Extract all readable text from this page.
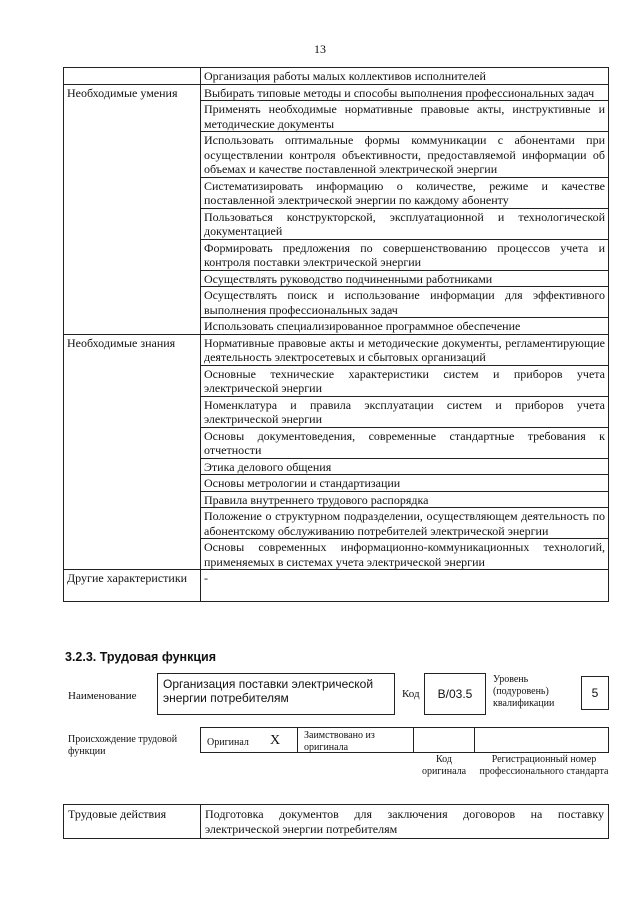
13
	Организация работы малых коллективов исполнителей
Необходимые умения	Выбирать типовые методы и способы выполнения профессиональных задач
	Применять необходимые нормативные правовые акты, инструктивные и методические документы
	Использовать оптимальные формы коммуникации с абонентами при осуществлении контроля объективности, предоставляемой информации об объемах и качестве поставленной электрической энергии
	Систематизировать информацию о количестве, режиме и качестве поставленной электрической энергии по каждому абоненту
	Пользоваться конструкторской, эксплуатационной и технологической документацией
	Формировать предложения по совершенствованию процессов учета и контроля поставки электрической энергии
	Осуществлять руководство подчиненными работниками
	Осуществлять поиск и использование информации для эффективного выполнения профессиональных задач
	Использовать специализированное программное обеспечение
Необходимые знания	Нормативные правовые акты и методические документы, регламентирующие деятельность электросетевых и сбытовых организаций
	Основные технические характеристики систем и приборов учета электрической энергии
	Номенклатура и правила эксплуатации систем и приборов учета электрической энергии
	Основы документоведения, современные стандартные требования к отчетности
	Этика делового общения
	Основы метрологии и стандартизации
	Правила внутреннего трудового распорядка
	Положение о структурном подразделении, осуществляющем деятельность по абонентскому обслуживанию потребителей электрической энергии
	Основы современных информационно-коммуникационных технологий, применяемых в системах учета электрической энергии
Другие характеристики	-
3.2.3. Трудовая функция
Наименование
Организация поставки электрической энергии потребителям	Код	B/03.5
Уровень (подуровень) квалификации
5
Происхождение трудовой функции
Оригинал X Заимствовано из оригинала
Код оригинала
Регистрационный номер профессионального стандарта
Трудовые действия	Подготовка документов для заключения договоров на поставку электрической энергии потребителям
